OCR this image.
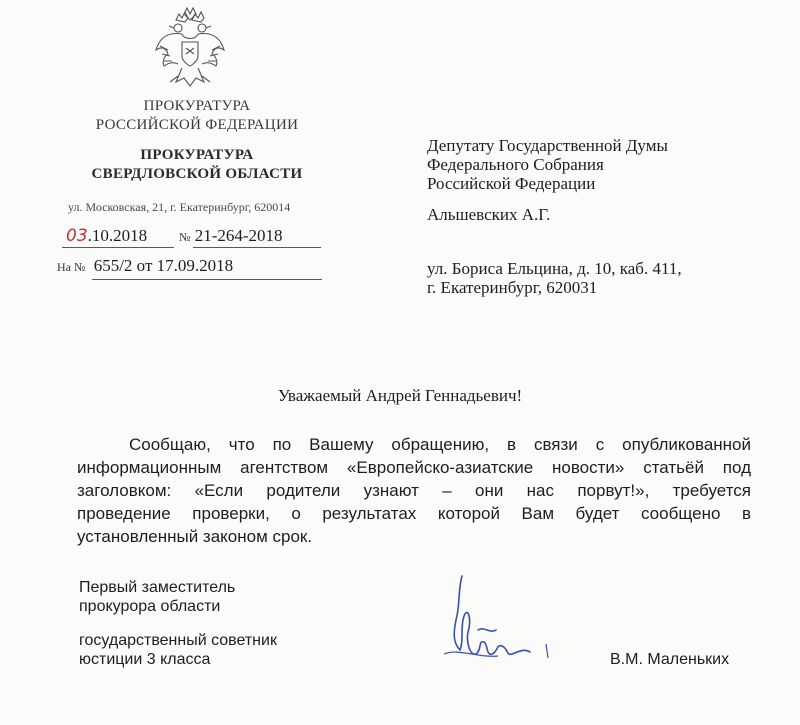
ПРОКУРАТУРА
РОССИЙСКОЙ ФЕДЕРАЦИИ
ПРОКУРАТУРА
СВЕРДЛОВСКОЙ ОБЛАСТИ
ул. Московская, 21, г. Екатеринбург, 620014
03.10.2018	№ 21-264-2018
На № 655/2 от 17.09.2018
Депутату Государственной Думы
Федерального Собрания
Российской Федерации
Альшевских А.Г.
ул. Бориса Ельцина, д. 10, каб. 411,
г. Екатеринбург, 620031
Уважаемый Андрей Геннадьевич!
Сообщаю, что по Вашему обращению, в связи с опубликованной
информационным агентством «Европейско-азиатские новости» статьёй под
заголовком: «Если родители узнают – они нас порвут!», требуется
проведение проверки, о результатах которой Вам будет сообщено в
установленный законом срок.
Первый заместитель
прокурора области
государственный советник
юстиции 3 класса	В.М. Маленьких
